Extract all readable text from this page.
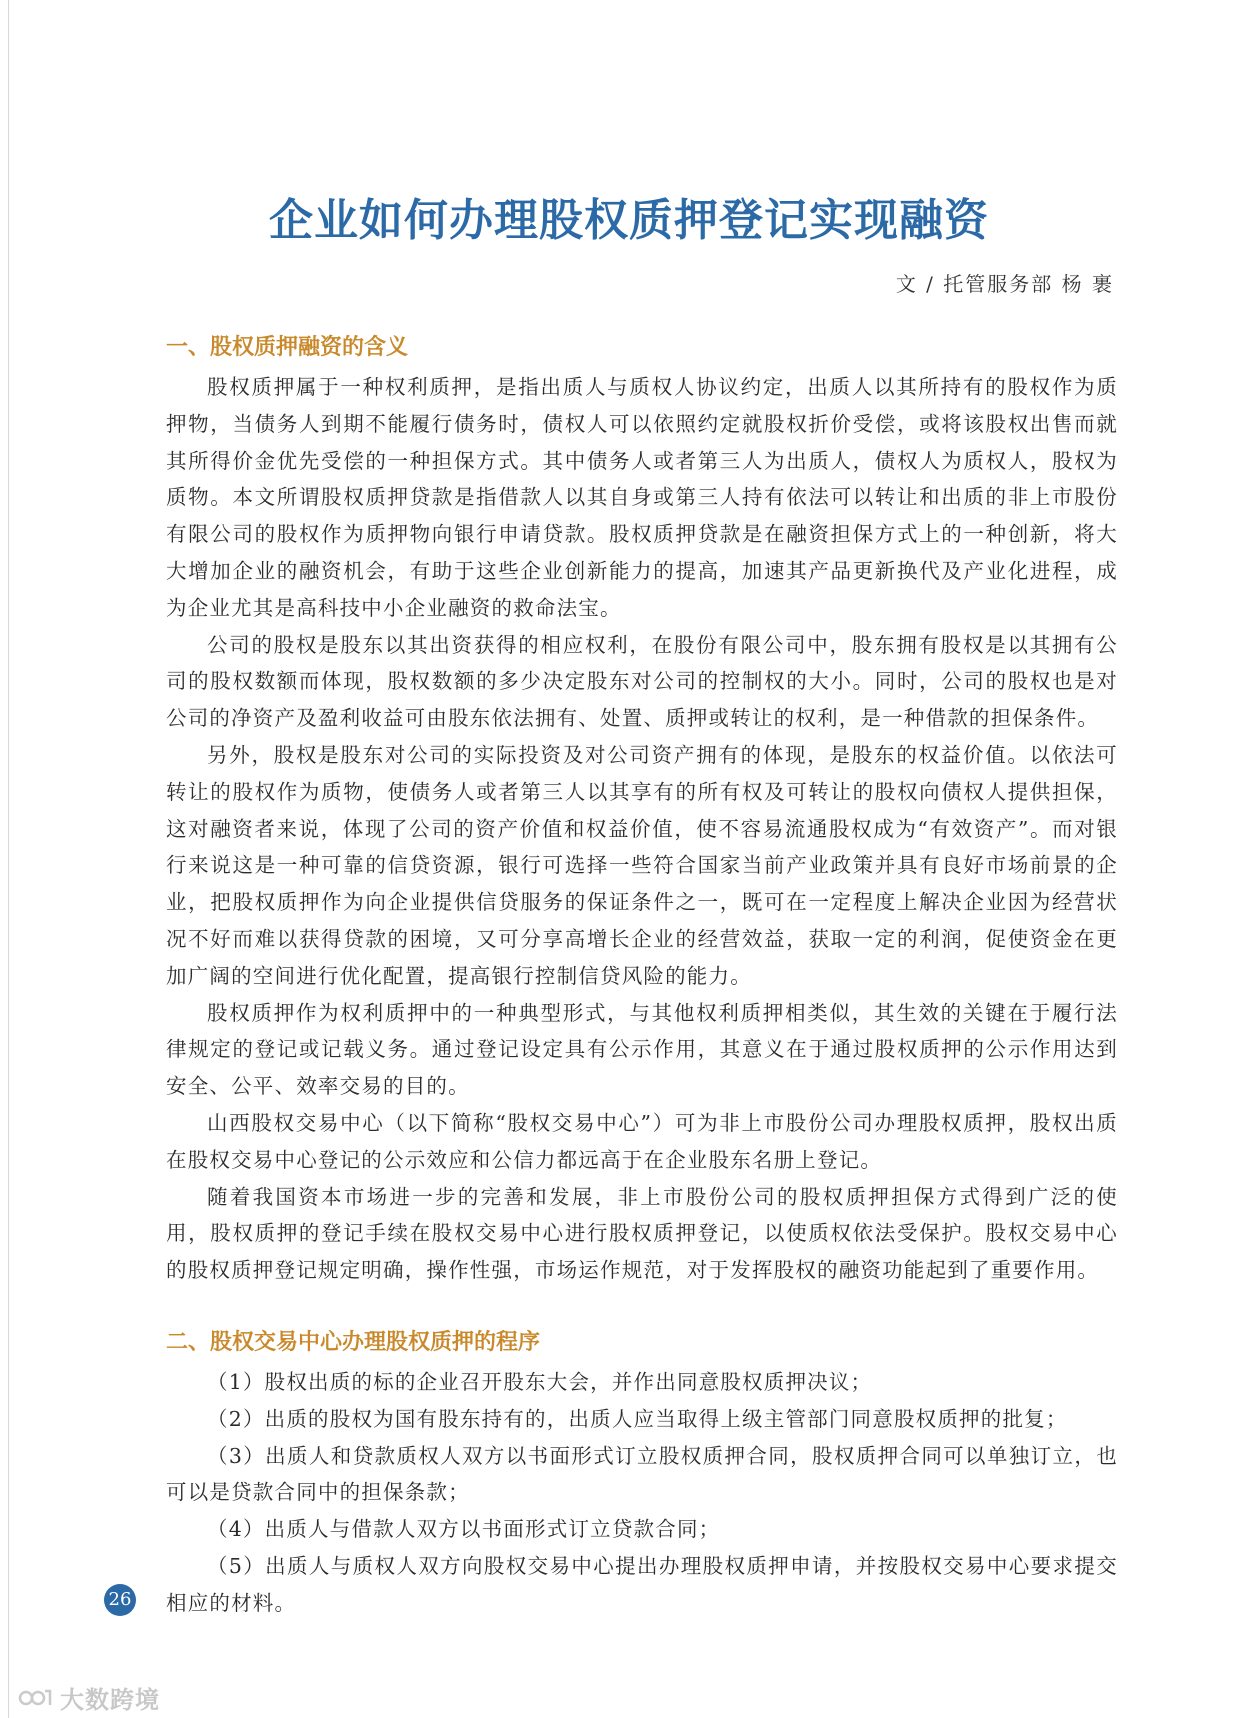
企业如何办理股权质押登记实现融资

文 / 托管服务部 杨 裹

一、股权质押融资的含义

股权质押属于一种权利质押，是指出质人与质权人协议约定，出质人以其所持有的股权作为质押物，当债务人到期不能履行债务时，债权人可以依照约定就股权折价受偿，或将该股权出售而就其所得价金优先受偿的一种担保方式。其中债务人或者第三人为出质人，债权人为质权人，股权为质物。本文所谓股权质押贷款是指借款人以其自身或第三人持有依法可以转让和出质的非上市股份有限公司的股权作为质押物向银行申请贷款。股权质押贷款是在融资担保方式上的一种创新，将大大增加企业的融资机会，有助于这些企业创新能力的提高，加速其产品更新换代及产业化进程，成为企业尤其是高科技中小企业融资的救命法宝。

公司的股权是股东以其出资获得的相应权利，在股份有限公司中，股东拥有股权是以其拥有公司的股权数额而体现，股权数额的多少决定股东对公司的控制权的大小。同时，公司的股权也是对公司的净资产及盈利收益可由股东依法拥有、处置、质押或转让的权利，是一种借款的担保条件。

另外，股权是股东对公司的实际投资及对公司资产拥有的体现，是股东的权益价值。以依法可转让的股权作为质物，使债务人或者第三人以其享有的所有权及可转让的股权向债权人提供担保，这对融资者来说，体现了公司的资产价值和权益价值，使不容易流通股权成为“有效资产”。而对银行来说这是一种可靠的信贷资源，银行可选择一些符合国家当前产业政策并具有良好市场前景的企业，把股权质押作为向企业提供信贷服务的保证条件之一，既可在一定程度上解决企业因为经营状况不好而难以获得贷款的困境，又可分享高增长企业的经营效益，获取一定的利润，促使资金在更加广阔的空间进行优化配置，提高银行控制信贷风险的能力。

股权质押作为权利质押中的一种典型形式，与其他权利质押相类似，其生效的关键在于履行法律规定的登记或记载义务。通过登记设定具有公示作用，其意义在于通过股权质押的公示作用达到安全、公平、效率交易的目的。

山西股权交易中心（以下简称“股权交易中心”）可为非上市股份公司办理股权质押，股权出质在股权交易中心登记的公示效应和公信力都远高于在企业股东名册上登记。

随着我国资本市场进一步的完善和发展，非上市股份公司的股权质押担保方式得到广泛的使用，股权质押的登记手续在股权交易中心进行股权质押登记，以使质权依法受保护。股权交易中心的股权质押登记规定明确，操作性强，市场运作规范，对于发挥股权的融资功能起到了重要作用。

二、股权交易中心办理股权质押的程序

（1）股权出质的标的企业召开股东大会，并作出同意股权质押决议；

（2）出质的股权为国有股东持有的，出质人应当取得上级主管部门同意股权质押的批复；

（3）出质人和贷款质权人双方以书面形式订立股权质押合同，股权质押合同可以单独订立，也可以是贷款合同中的担保条款；

（4）出质人与借款人双方以书面形式订立贷款合同；

（5）出质人与质权人双方向股权交易中心提出办理股权质押申请，并按股权交易中心要求提交相应的材料。

26
大数跨境
